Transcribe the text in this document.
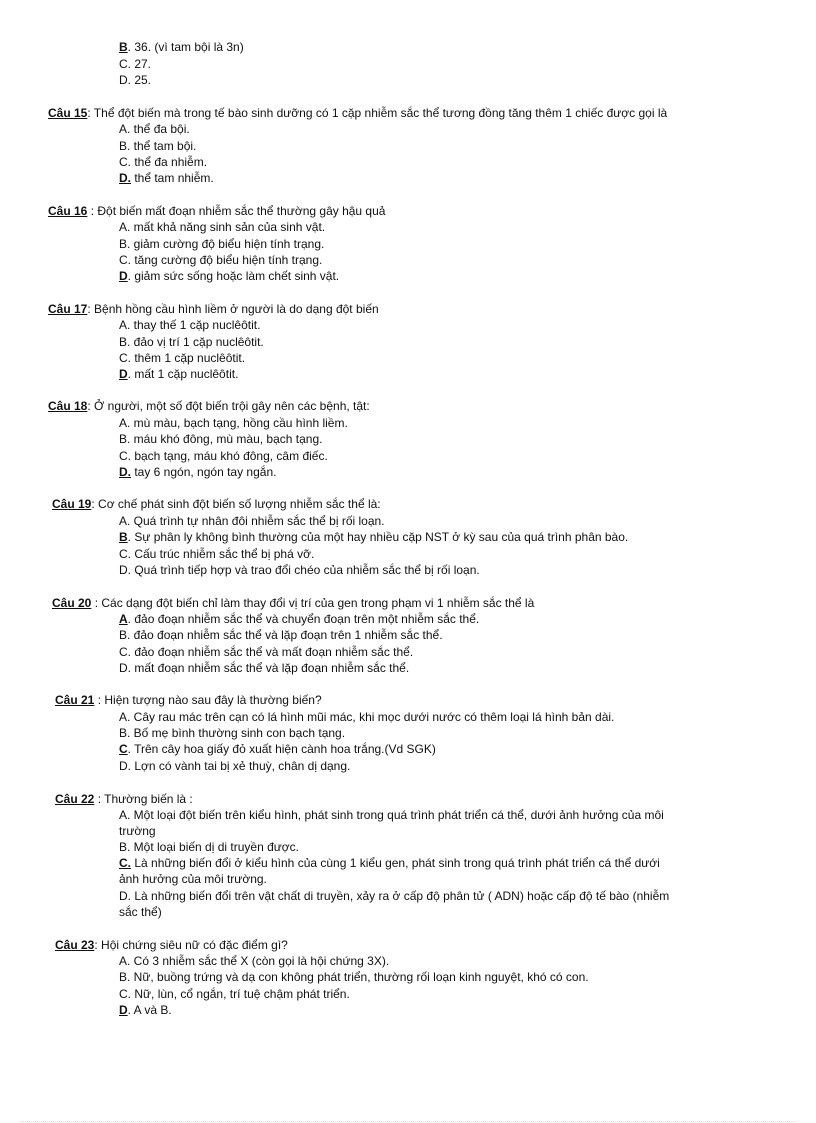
B. 36. (vì tam bội là 3n)
C. 27.
D. 25.
Câu 15: Thể đột biến mà trong tế bào sinh dưỡng có 1 cặp nhiễm sắc thể tương đồng tăng thêm 1 chiếc được gọi là
A. thể đa bội.
B. thể tam bội.
C. thể đa nhiễm.
D. thể tam nhiễm.
Câu 16 : Đột biến mất đoạn nhiễm sắc thể thường gây hậu quả
A. mất khả năng sinh sản của sinh vật.
B. giảm cường độ biểu hiện tính trạng.
C. tăng cường độ biểu hiện tính trạng.
D. giảm sức sống hoặc làm chết sinh vật.
Câu 17: Bệnh hồng cầu hình liềm ở người là do dạng đột biến
A. thay thế 1 cặp nuclêôtit.
B. đảo vị trí 1 cặp nuclêôtit.
C. thêm 1 cặp nuclêôtit.
D. mất 1 cặp nuclêôtit.
Câu 18: Ở người, một số đột biến trội gây nên các bệnh, tật:
A. mù màu, bạch tạng, hồng cầu hình liềm.
B. máu khó đông, mù màu, bạch tạng.
C. bạch tạng, máu khó đông, câm điếc.
D. tay 6 ngón, ngón tay ngắn.
Câu 19: Cơ chế phát sinh đột biến số lượng nhiễm sắc thể là:
A. Quá trình tự nhân đôi nhiễm sắc thể bị rối loạn.
B. Sự phân ly không bình thường của một hay nhiều cặp NST ở kỳ sau của quá trình phân bào.
C. Cấu trúc nhiễm sắc thể bị phá vỡ.
D. Quá trình tiếp hợp và trao đổi chéo của nhiễm sắc thể bị rối loạn.
Câu 20 : Các dạng đột biến chỉ làm thay đổi vị trí của gen trong phạm vi 1 nhiễm sắc thể là
A. đảo đoạn nhiễm sắc thể và chuyển đoạn trên một nhiễm sắc thể.
B. đảo đoạn nhiễm sắc thể và lặp đoạn trên 1 nhiễm sắc thể.
C. đảo đoạn nhiễm sắc thể và mất đoạn nhiễm sắc thể.
D. mất đoạn nhiễm sắc thể và lặp đoạn nhiễm sắc thể.
Câu 21 : Hiện tượng nào sau đây là thường biến?
A. Cây rau mác trên cạn có lá hình mũi mác, khi mọc dưới nước có thêm loại lá hình bản dài.
B. Bố mẹ bình thường sinh con bạch tạng.
C. Trên cây hoa giấy đỏ xuất hiện cành hoa trắng.(Vd SGK)
D. Lợn có vành tai bị xẻ thuỳ, chân dị dạng.
Câu 22 : Thường biến là :
A. Một loại đột biến trên kiểu hình, phát sinh trong quá trình phát triển cá thể, dưới ảnh hưởng của môi
trường
B. Một loại biến dị di truyền được.
C. Là những biến đổi ở kiểu hình của cùng 1 kiểu gen, phát sinh trong quá trình phát triển cá thể dưới
ảnh hưởng của môi trường.
D. Là những biến đổi trên vật chất di truyền, xảy ra ở cấp độ phân tử ( ADN) hoặc cấp độ tế bào (nhiễm
sắc thể)
Câu 23: Hội chứng siêu nữ có đặc điểm gì?
A. Có 3 nhiễm sắc thể X (còn gọi là hội chứng 3X).
B. Nữ, buồng trứng và dạ con không phát triển, thường rối loạn kinh nguyệt, khó có con.
C. Nữ, lùn, cổ ngắn, trí tuệ chậm phát triển.
D. A và B.
